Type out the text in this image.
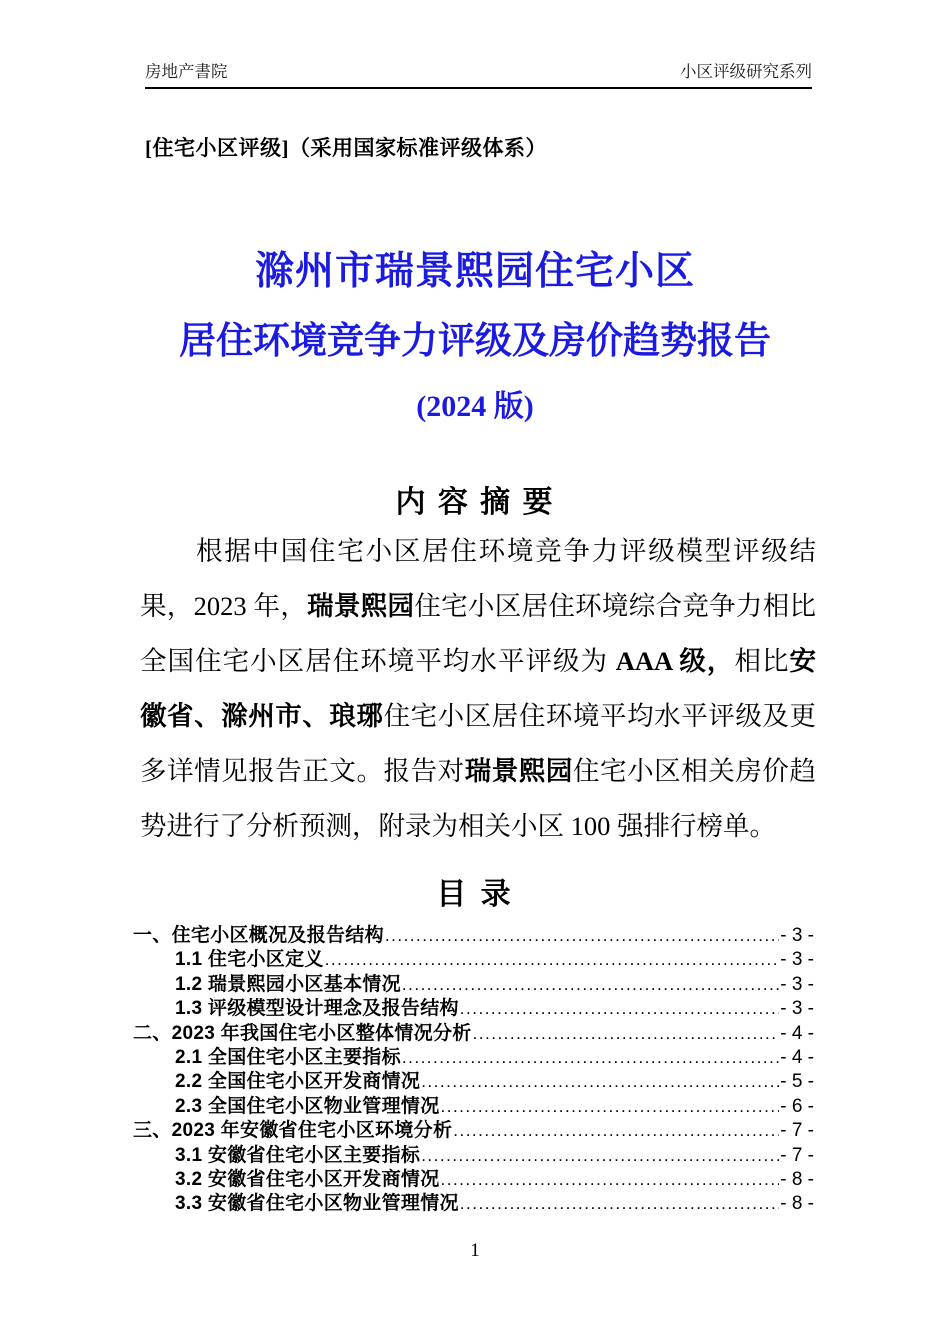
房地产書院	小区评级研究系列
[住宅小区评级]（采用国家标准评级体系）
滁州市瑞景熙园住宅小区
居住环境竞争力评级及房价趋势报告
(2024 版)
内 容 摘 要

根据中国住宅小区居住环境竞争力评级模型评级结果，2023 年，瑞景熙园住宅小区居住环境综合竞争力相比全国住宅小区居住环境平均水平评级为 AAA 级，相比安徽省、滁州市、琅琊住宅小区居住环境平均水平评级及更多详情见报告正文。报告对瑞景熙园住宅小区相关房价趋势进行了分析预测，附录为相关小区 100 强排行榜单。

目 录
一、住宅小区概况及报告结构 .....	- 3 -
1.1 住宅小区定义 .....	- 3 -
1.2 瑞景熙园小区基本情况 .....	- 3 -
1.3 评级模型设计理念及报告结构 .....	- 3 -
二、2023 年我国住宅小区整体情况分析 .....	- 4 -
2.1 全国住宅小区主要指标 .....	- 4 -
2.2 全国住宅小区开发商情况 .....	- 5 -
2.3 全国住宅小区物业管理情况 .....	- 6 -
三、2023 年安徽省住宅小区环境分析 .....	- 7 -
3.1 安徽省住宅小区主要指标 .....	- 7 -
3.2 安徽省住宅小区开发商情况 .....	- 8 -
3.3 安徽省住宅小区物业管理情况 .....	- 8 -
1
